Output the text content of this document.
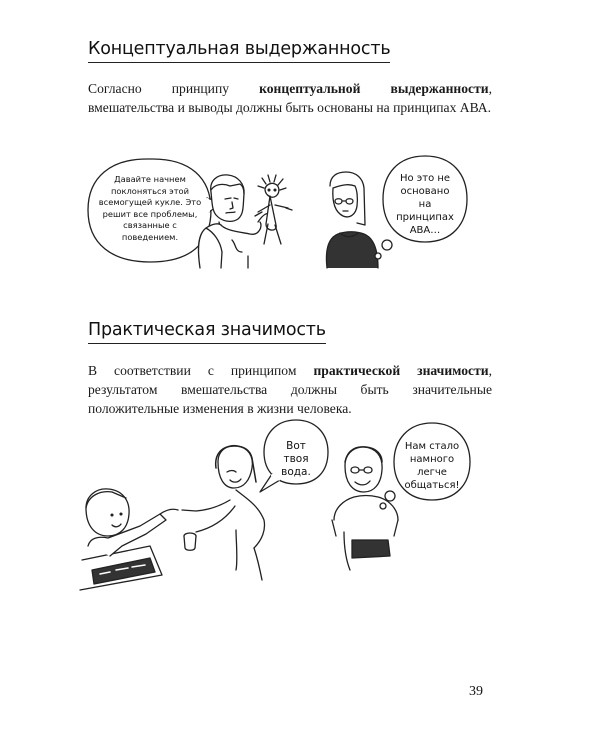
Концептуальная выдержанность

Согласно принципу концептуальной выдержанности, вмешательства и выводы должны быть основаны на принципах АВА.

Давайте начнем поклоняться этой всемогущей кукле. Это решит все проблемы, связанные с поведением.

Но это не основано на принципах АВА…

Практическая значимость

В соответствии с принципом практической значимости, результатом вмешательства должны быть значительные положительные изменения в жизни человека.

Вот твоя вода.

Нам стало намного легче общаться!

39
